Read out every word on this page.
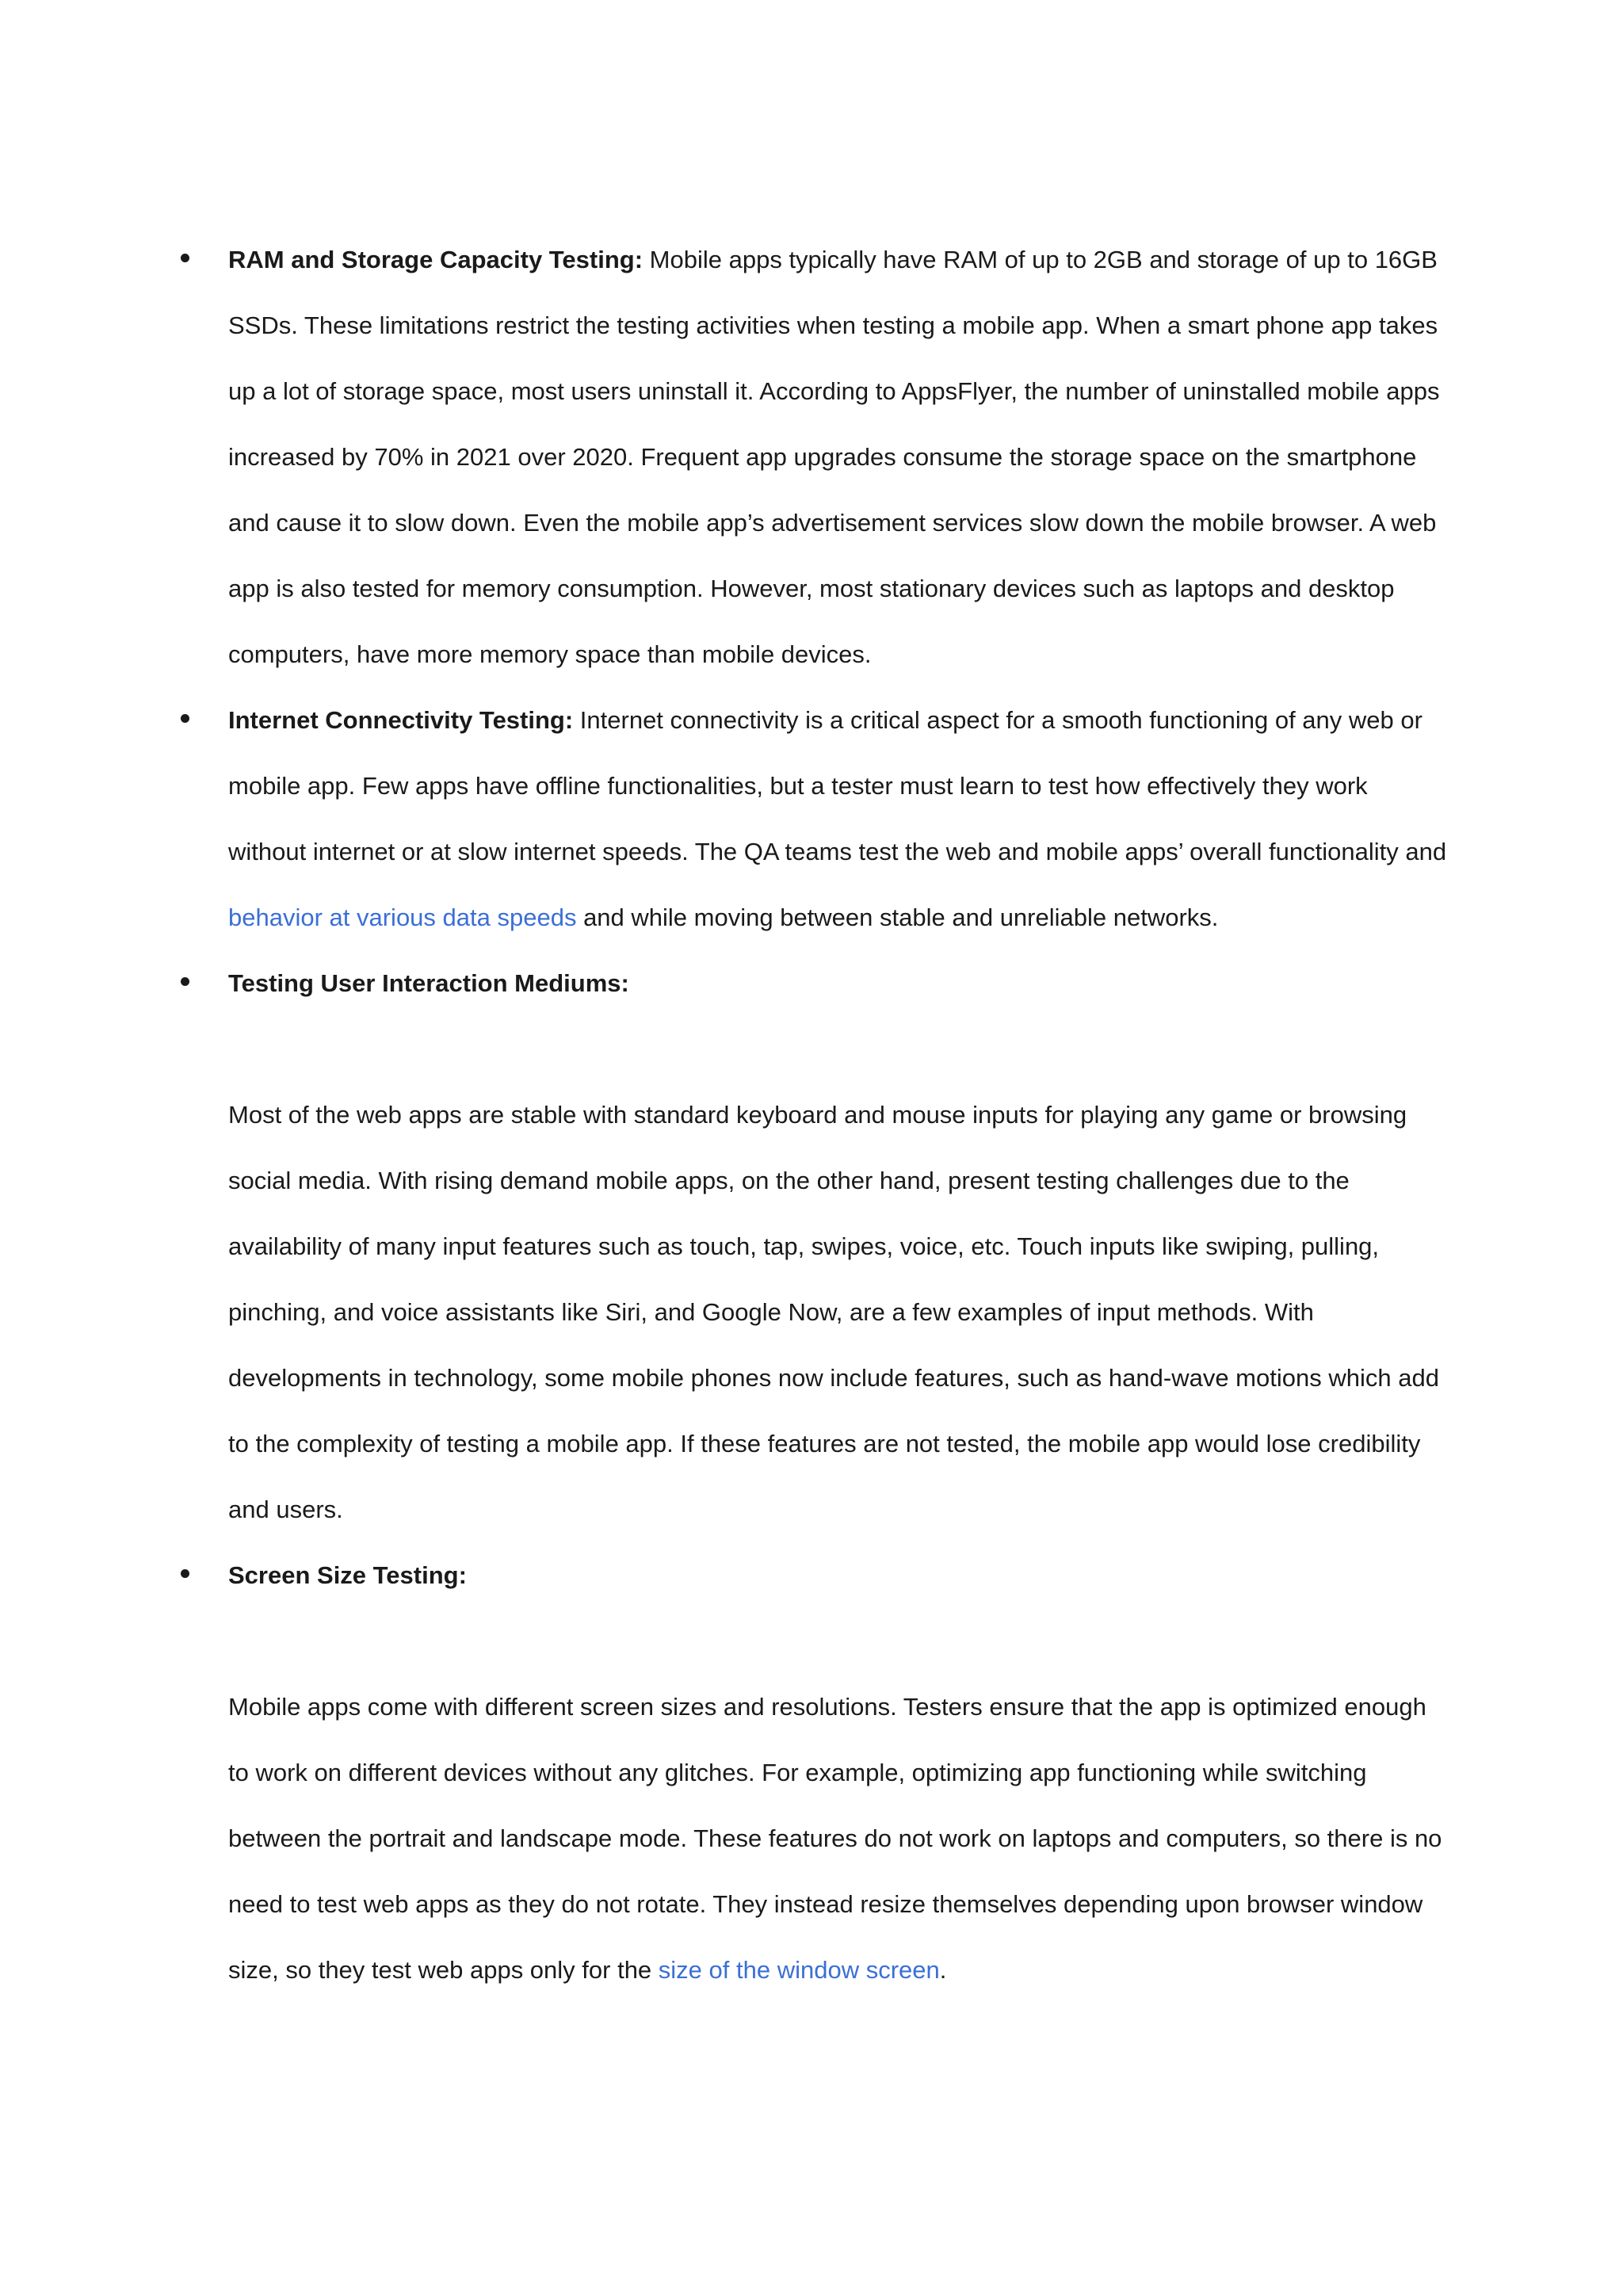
RAM and Storage Capacity Testing: Mobile apps typically have RAM of up to 2GB and storage of up to 16GB SSDs. These limitations restrict the testing activities when testing a mobile app. When a smart phone app takes up a lot of storage space, most users uninstall it. According to AppsFlyer, the number of uninstalled mobile apps increased by 70% in 2021 over 2020. Frequent app upgrades consume the storage space on the smartphone and cause it to slow down. Even the mobile app’s advertisement services slow down the mobile browser. A web app is also tested for memory consumption. However, most stationary devices such as laptops and desktop computers, have more memory space than mobile devices.

Internet Connectivity Testing: Internet connectivity is a critical aspect for a smooth functioning of any web or mobile app. Few apps have offline functionalities, but a tester must learn to test how effectively they work without internet or at slow internet speeds. The QA teams test the web and mobile apps’ overall functionality and behavior at various data speeds and while moving between stable and unreliable networks.

Testing User Interaction Mediums:

Most of the web apps are stable with standard keyboard and mouse inputs for playing any game or browsing social media. With rising demand mobile apps, on the other hand, present testing challenges due to the availability of many input features such as touch, tap, swipes, voice, etc. Touch inputs like swiping, pulling, pinching, and voice assistants like Siri, and Google Now, are a few examples of input methods. With developments in technology, some mobile phones now include features, such as hand-wave motions which add to the complexity of testing a mobile app. If these features are not tested, the mobile app would lose credibility and users.

Screen Size Testing:

Mobile apps come with different screen sizes and resolutions. Testers ensure that the app is optimized enough to work on different devices without any glitches. For example, optimizing app functioning while switching between the portrait and landscape mode. These features do not work on laptops and computers, so there is no need to test web apps as they do not rotate. They instead resize themselves depending upon browser window size, so they test web apps only for the size of the window screen.
